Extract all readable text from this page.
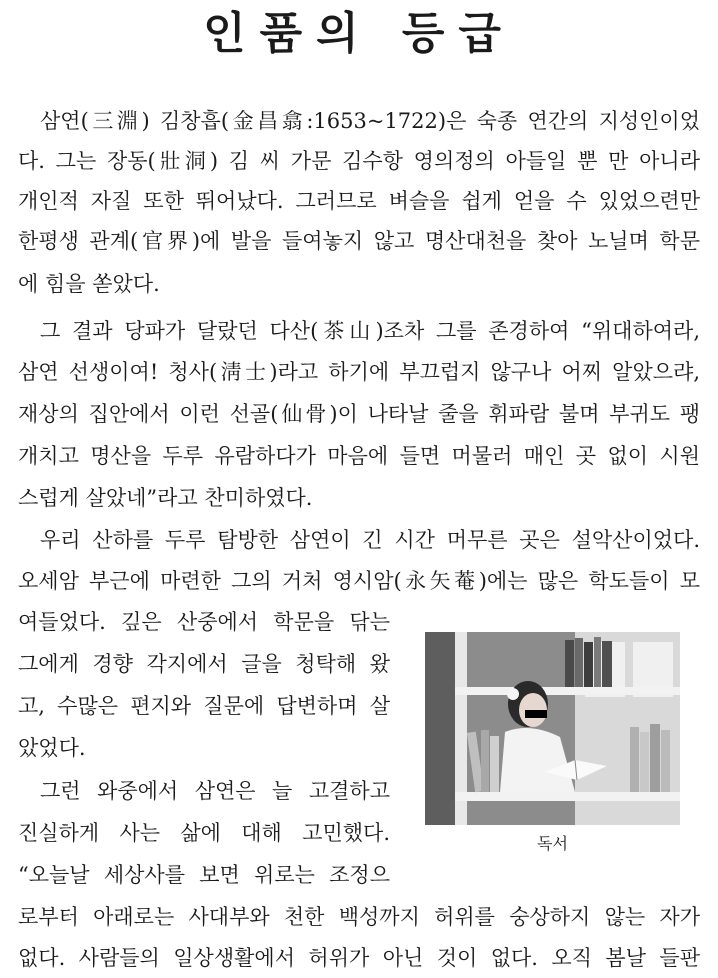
인품의 등급

삼연(三淵) 김창흡(金昌翕:1653~1722)은 숙종 연간의 지성인이었

다. 그는 장동(壯洞) 김 씨 가문 김수항 영의정의 아들일 뿐 만 아니라

개인적 자질 또한 뛰어났다. 그러므로 벼슬을 쉽게 얻을 수 있었으련만

한평생 관계(官界)에 발을 들여놓지 않고 명산대천을 찾아 노닐며 학문

에 힘을 쏟았다.

그 결과 당파가 달랐던 다산(茶山)조차 그를 존경하여 “위대하여라,

삼연 선생이여! 청사(淸士)라고 하기에 부끄럽지 않구나 어찌 알았으랴,

재상의 집안에서 이런 선골(仙骨)이 나타날 줄을 휘파람 불며 부귀도 팽

개치고 명산을 두루 유람하다가 마음에 들면 머물러 매인 곳 없이 시원

스럽게 살았네”라고 찬미하였다.

우리 산하를 두루 탐방한 삼연이 긴 시간 머무른 곳은 설악산이었다.

오세암 부근에 마련한 그의 거처 영시암(永矢菴)에는 많은 학도들이 모

여들었다. 깊은 산중에서 학문을 닦는

그에게 경향 각지에서 글을 청탁해 왔

고, 수많은 편지와 질문에 답변하며 살

았었다.

그런 와중에서 삼연은 늘 고결하고

진실하게 사는 삶에 대해 고민했다.

“오늘날 세상사를 보면 위로는 조정으

로부터 아래로는 사대부와 천한 백성까지 허위를 숭상하지 않는 자가

없다. 사람들의 일상생활에서 허위가 아닌 것이 없다. 오직 봄날 들판

독서
